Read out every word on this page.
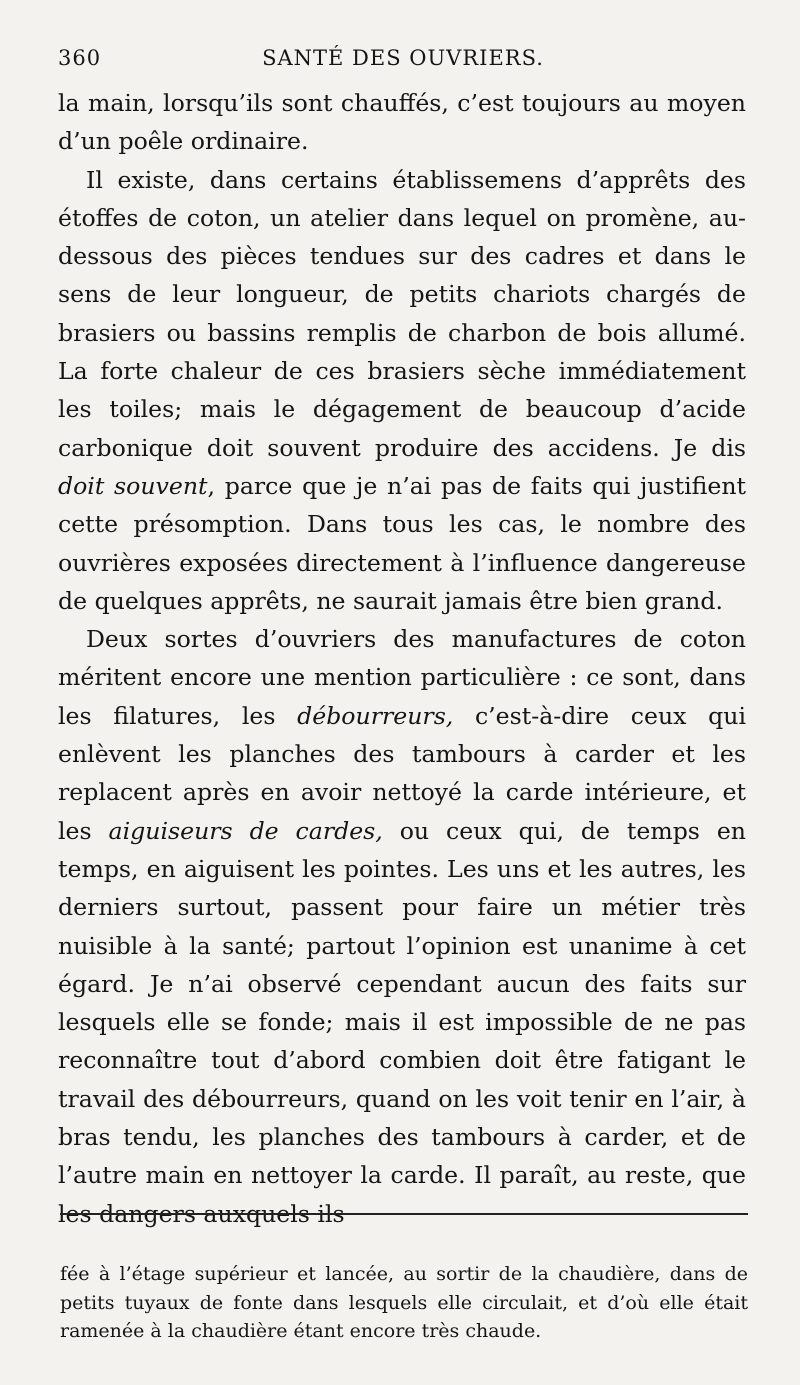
360	SANTÉ DES OUVRIERS.

la main, lorsqu’ils sont chauffés, c’est toujours au moyen d’un poêle ordinaire.

Il existe, dans certains établissemens d’apprêts des étoffes de coton, un atelier dans lequel on promène, au-dessous des pièces tendues sur des cadres et dans le sens de leur longueur, de petits chariots chargés de brasiers ou bassins remplis de charbon de bois allumé. La forte chaleur de ces brasiers sèche immédiatement les toiles; mais le dégagement de beaucoup d’acide carbonique doit souvent produire des accidens. Je dis doit souvent, parce que je n’ai pas de faits qui justifient cette présomption. Dans tous les cas, le nombre des ouvrières exposées directement à l’influence dangereuse de quelques apprêts, ne saurait jamais être bien grand.

Deux sortes d’ouvriers des manufactures de coton méritent encore une mention particulière : ce sont, dans les filatures, les débourreurs, c’est-à-dire ceux qui enlèvent les planches des tambours à carder et les replacent après en avoir nettoyé la carde intérieure, et les aiguiseurs de cardes, ou ceux qui, de temps en temps, en aiguisent les pointes. Les uns et les autres, les derniers surtout, passent pour faire un métier très nuisible à la santé; partout l’opinion est unanime à cet égard. Je n’ai observé cependant aucun des faits sur lesquels elle se fonde; mais il est impossible de ne pas reconnaître tout d’abord combien doit être fatigant le travail des débourreurs, quand on les voit tenir en l’air, à bras tendu, les planches des tambours à carder, et de l’autre main en nettoyer la carde. Il paraît, au reste, que les dangers auxquels ils

fée à l’étage supérieur et lancée, au sortir de la chaudière, dans de petits tuyaux de fonte dans lesquels elle circulait, et d’où elle était ramenée à la chaudière étant encore très chaude.
